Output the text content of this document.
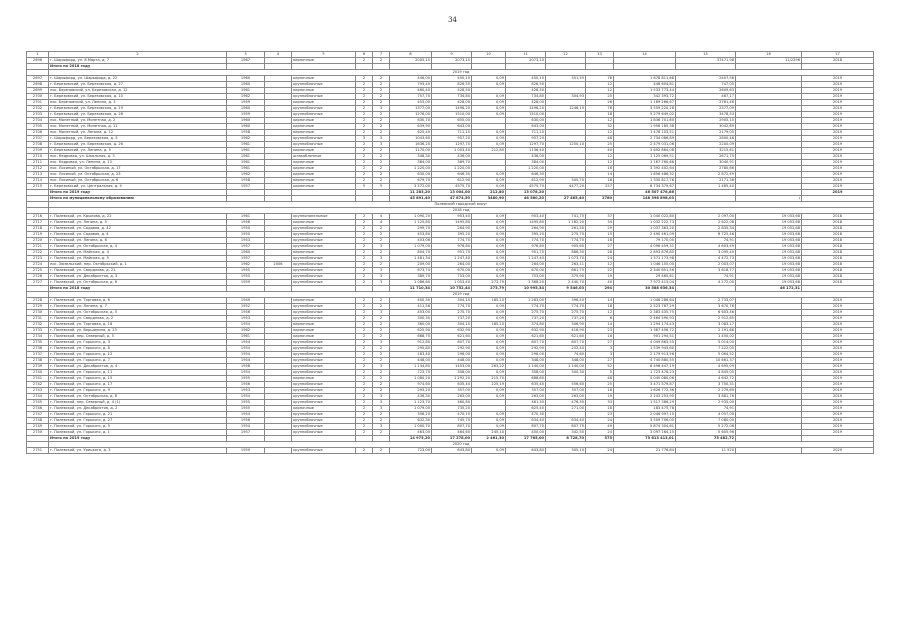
34
1	2	3	4	5	6	7	8	9	10	11	12	13	14	15	16	17
2696	г. Шарыфорд, ул. 8 Марта, д. 7	1967		кирпичные	2	2	2005,10	2073,10		2073,10				37471,98	11/2296	2018
	Итого по 2018 году															
	2019 год															
2697	г. Шарыфорд, ул. Шарыфорд, д. 22	1960		кирпичные	2	2	446,00	450,10	0,09	450,10	351,55	78	1 878 811,68	2407,56		2019
2698	г. Березовский, ул. Березовская, д. 27	1960		крупноблочные	2	2	793,40	826,50	0,09	826,50		12	448 604,81	747,05		2019
2699	пос. Березовский, ул. Березовская, д. 12	1961		кирпичные	2	2	460,40	428,50		428,50		12	1 533 773,44	2609,63		2019
2700	г. Березовский, ул. Березовская, д. 10	1962		крупноблочные	2	2	757,70	734,80	0,09	734,80	304,93	25	342 393,72	467,17		2019
2701	пос. Березовский, ул. Ленина, д. 3	1959		кирпичные	2	2	453,00	428,00	0,09	428,00		26	1 189 266,67	2781,46		2019
2702	г. Березовский, ул. Березовская, д. 19	1960		крупноблочные	2	3	1377,00	1496,20	0,09	1496,20	1246,10	78	3 559 220,28	2377,09		2019
2703	г. Березовский, ул. Березовская, д. 28	1959		крупноблочные	2	2	1276,00	1510,00	0,09	1510,00		18	5 279 649,02	3478,53		2019
2704	пос. Монетный, ул. Монетная, д. 2	1960		кирпичные	2	2	630,70	655,00		630,00		12	1 836 701,60	2905,15		2019
2705	пос. Монетный, ул. Монетная, д. 11	1960		кирпичные	2	2	639,90	643,00		643,00		32	1 956 185,38	3042,69		2019
2706	пос. Монетный, ул. Ленина, д. 12	1958		кирпичные	2	2	625,40	711,10	0,09	711,10		12	1 478 103,51	2179,05		2019
2707	г. Шарыфорд, ул. Березовская, д. 5	1962		крупноблочные	3	3	1043,60	957,20	0,09	957,20		48	2 734 086,89	2800,46		2019
2708	г. Березовский, ул. Березовская, д. 26	1961		крупноблочные	2	3	1636,20	1297,70	0,09	1297,70	1250,10	25	2 479 031,06	2200,09		2019
2709	г. Березовский, ул. Ленина, д. 5	1961		кирпичные	2	2	1170,00	1 003,40	212,80	1136,40		40	3 652 884,08	3215,61		2019
2710	пос. Кедровка, ул. Школьная, д. 3	1961		шлакоблочные	2	2	348,30	436,00		436,00		12	1 125 069,51	2671,75		2019
2711	пос. Кедровка, ул. Ленина, д. 13	1961		кирпичные	2	2	384,00	389,70		384,00		12	1 167 760,66	3040,91		2019
2712	пос. Лосиный, ул. Октябрьская, д. 17	1961		кирпичные	2	2	1 220,00	1 220,00		1 220,00		16	3 392 402,64	2780,66		2019
2713	пос. Лосиный, ул. Октябрьская, д. 23	1962		кирпичные	2	2	630,00	646,30	0,09	646,30		14	1 856 486,32	2 872,49		2019
2714	пос. Лосиный, ул. Октябрьская, д. 6	1958		кирпичные	2	2	679,70	612,90	0,09	612,90	305,70	18	1 330 817,76	2171,36		2019
2715	г. Березовский, ул. Центральная, д. 4	1957		кирпичные	5	5	3 572,00	4575,70	0,09	4575,70	4477,20	257	6 734 379,67	1 485,40		2019
	Итого по 2019 году						11 283,20	13 004,00	212,80	13 078,20			46 507 476,86			2019
	Итого по муниципальному образованию						45 891,40	47 874,50	3480,90	48 580,20	27 465,40	2780	148 398 898,03		:	
	Полевской городской округ															
	2018 год															
2716	г. Полевской, ул. Крылова, д. 22	1961		крупнопанельные	2	4	1 090,20	903,40	0,09	903,40	741,70	37	1 040 022,80	2 097,00	19 053,68	2018
2717	г. Полевской, ул. Ленина, д. 5	1956		кирпичные	2	4	1 125,80	1495,80	0,09	1495,80	1 182,20	34	1 032 222,73	2 622,08	19 053,68	2018
2718	г. Полевской, ул. Садовая, д. 42	1950		крупноблочные	2	2	299,70	264,90	0,09	264,90	261,50	29	1 037 363,20	2 835,34	19 053,68	2018
2719	г. Полевской, ул. Садовая, д. 4	1950		крупноблочные	2	2	453,80	395,20	0,09	395,20	275,70	15	2 490 461,09	6 725,46	19 053,68	2018
2720	г. Полевской, ул. Ленина, д. 6	1953		крупноблочные	2	2	403,06	774,70	0,09	774,70	774,70	18	79 170,00	74,91	19 053,68	2018
2721	г. Полевской, ул. Октябрьская, д. 4	1957		крупноблочные	2	3	1 079,00	976,80	0,09	976,80	905,60	27	4 096 459,31	4 603,49	19 053,68	2018
2722	г. Полевской, ул. Майская, д. 4	1960		кирпичные	2	2	804,70	951,70	0,09	951,70	886,30	28	2 893 876,85	3 095,40	19 053,68	2018
2723	г. Полевской, ул. Майская, д. 5	1957		крупноблочные	2	3	1 481,34	1 247,40	0,09	1 247,40	1 073,70	24	1 571 173,98	4 472,73	19 053,68	2018
2724	пос. Зюзельский, пер. Октябрьский, д. 1	1962	2006	крупноблочные	2	2	209,00	264,00	0,09	264,00	263,11	12	1 046 155,00	2 003,07	19 053,68	2018
2725	г. Полевской, ул. Свердлова, д. 21	1955		крупноблочные	2	3	673,74	670,00	0,09	670,00	661,70	22	2 340 851,56	3 618,77	19 053,68	2018
2726	г. Полевской, ул. Декабристов, д. 3	1955		крупноблочные	2	3	389,70	753,00	0,09	753,00	375,90	19	29 460,61	74,91	19 053,68	2018
2727	г. Полевской, ул. Октябрьская, д. 6	1959		крупноблочные	2	3	1 086,60	1 053,40	273,79	1 368,20	2 440,70	40	7 972 413,04	4 172,00	19 053,68	2018
	Итого по 2018 году						11 710,34	10 752,44	273,79	10 995,34	9 546,03	294	30 588 636,34		46 172,31	
	2019 год															
2728	г. Полевской, ул. Торговая, д. 6	1949		кирпичные	2	2	400,30	304,10	185,10	1 283,00	396,40	14	1 046 286,64	2 733,07		2019
2729	г. Полевской, ул. Ленина, д. 7	1952		крупноблочные	2	2	411,56	774,70	0,09	774,70	774,70	18	2 523 787,29	3 670,76		2019
2730	г. Полевской, ул. Октябрьская, д. 5	1956		крупноблочные	2	3	453,00	275,70	0,09	275,70	275,70	12	2 383 435,75	6 603,46		2019
2731	г. Полевской, ул. Свердлова, д. 2	1953		крупноблочные	2	2	300,30	737,20	0,09	737,20	737,20	6	2 464 590,93	2 912,65		2019
2732	г. Полевской, ул. Торговая, д. 18	1954		кирпичные	2	2	360,00	304,10	185,10	374,80	306,90	14	1 294 174,43	3 083,17		2019
2733	г. Полевской, ул. Вершинина, д. 23	1962		кирпичные	2	2	625,90	632,90	0,09	632,90	416,90	23	1 387 456,72	2 191,68		2019
2734	г. Полевской, пер. Северный, д. 5	1961		кирпичные	2	2	668,70	621,60	0,09	621,60	621,60	16	901 294,51	1 450,02		2019
2735	г. Полевской, ул. Горького, д. 3	1954		крупноблочные	2	3	912,80	807,70	0,09	807,70	807,70	27	4 049 863,55	5 014,00		2019
2736	г. Полевской, ул. Горького, д. 8	1954		крупноблочные	2	2	295,80	292,90	0,09	292,90	252,40	3	1 539 943,60	7 222,05		2019
2737	г. Полевской, ул. Горького, д. 12	1954		крупноблочные	2	2	183,40	296,00	0,09	296,00	74,60	3	2 179 913,56	5 064,52		2019
2738	г. Полевской, ул. Горького, д. 7	1954		крупноблочные	2	2	448,00	448,00	0,09	348,00	348,00	27	4 740 880,55	10 661,37		2019
2739	г. Полевской, ул. Декабристов, д. 4	1958		крупноблочные	2	3	1 134,80	1453,00	263,22	1 140,00	1 140,00	52	6 496 447,19	4 695,09		2019
2740	г. Полевской, ул. Горького, д. 11	1954		крупноблочные	2	2	723,70	358,00	0,09	358,00	300,30	5	1 723 476,23	4 845,05		2019
2741	г. Полевской, ул. Горького, д. 15	1955		кирпичные	2	2	1 080,20	1 292,20	215,70	688,80		48	5 040 080,06	4 642,72		2019
2742	г. Полевской, ул. Горького, д. 17	1956		крупноблочные	2	2	974,60	635,40	225,19	635,40	556,60	25	3 471 579,87	3 750,31		2019
2743	г. Полевской, ул. Горького, д. 9	1953		крупноблочные	2	2	293,20	357,00	0,09	357,00	357,00	18	1 626 772,36	2 279,60		2019
2744	г. Полевской, ул. Октябрьская, д. 8	1954		крупноблочные	2	3	436,30	263,00	0,09	263,00	263,00	19	2 243 253,95	3 881,76		2019
2745	г. Полевской, пер. Северный, д. 4 (1)	1955		крупноблочные	2	3	1 123,70	460,80		461,30	476,30	33	1 517 386,29	2 935,00		2019
2746	г. Полевской, ул. Декабристов, д. 2	1955		кирпичные	2	3	1 079,00	735,20		625,40	271,00	18	183 475,78	74,91		2019
2747	г. Полевской, ул. Горького, д. 21	1954		крупноблочные	2	2	358,20	470,10	0,09	470,30		23	2 046 997,10	4 057,00		2019
2748	г. Полевской, ул. Горького, д. 27	1956		крупноблочные	2	2	632,30	745,70	0,09	634,40	634,40	24	3 509 706,05	7 080,00		2019
2749	г. Полевской, ул. Горького, д. 5	1954		крупноблочные	2	3	1 000,70	807,70	0,09	807,70	807,70	49	5 874 304,61	5 272,06		2019
2750	г. Полевской, ул. Горького, д. 1	1957		крупноблочные	2	2	463,00	464,60	245,10	450,00	342,50	24	3 097 164,15	5 605,96		2019
	Итого по 2019 году						14 975,20	17 278,00	2 461,30	17 765,00	8 728,70	575	75 613 413,01	75 482,72		
	2020 год															
2751	г. Полевской, ул. Урицкого, д. 3	1950		крупноблочные	2	2	723,00	643,80	0,09	643,80	305,10	24	21 776,84	11 520		2020
